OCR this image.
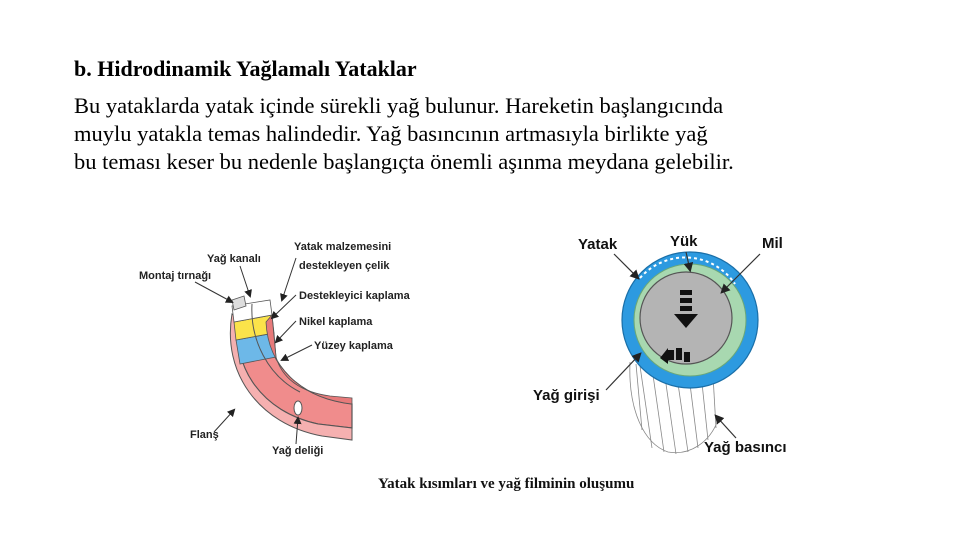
b. Hidrodinamik Yağlamalı Yataklar
Bu yataklarda yatak içinde sürekli yağ bulunur. Hareketin başlangıcında
muylu yatakla temas halindedir. Yağ basıncının artmasıyla birlikte yağ
bu teması keser bu nedenle başlangıçta önemli aşınma meydana gelebilir.
Yağ kanalı
Montaj tırnağı
Yatak malzemesini
destekleyen çelik
Destekleyici kaplama
Nikel kaplama
Yüzey kaplama
Flanş
Yağ deliği
Yatak	Yük	Mil
Yağ girişi
Yağ basıncı
Yatak kısımları ve yağ filminin oluşumu
